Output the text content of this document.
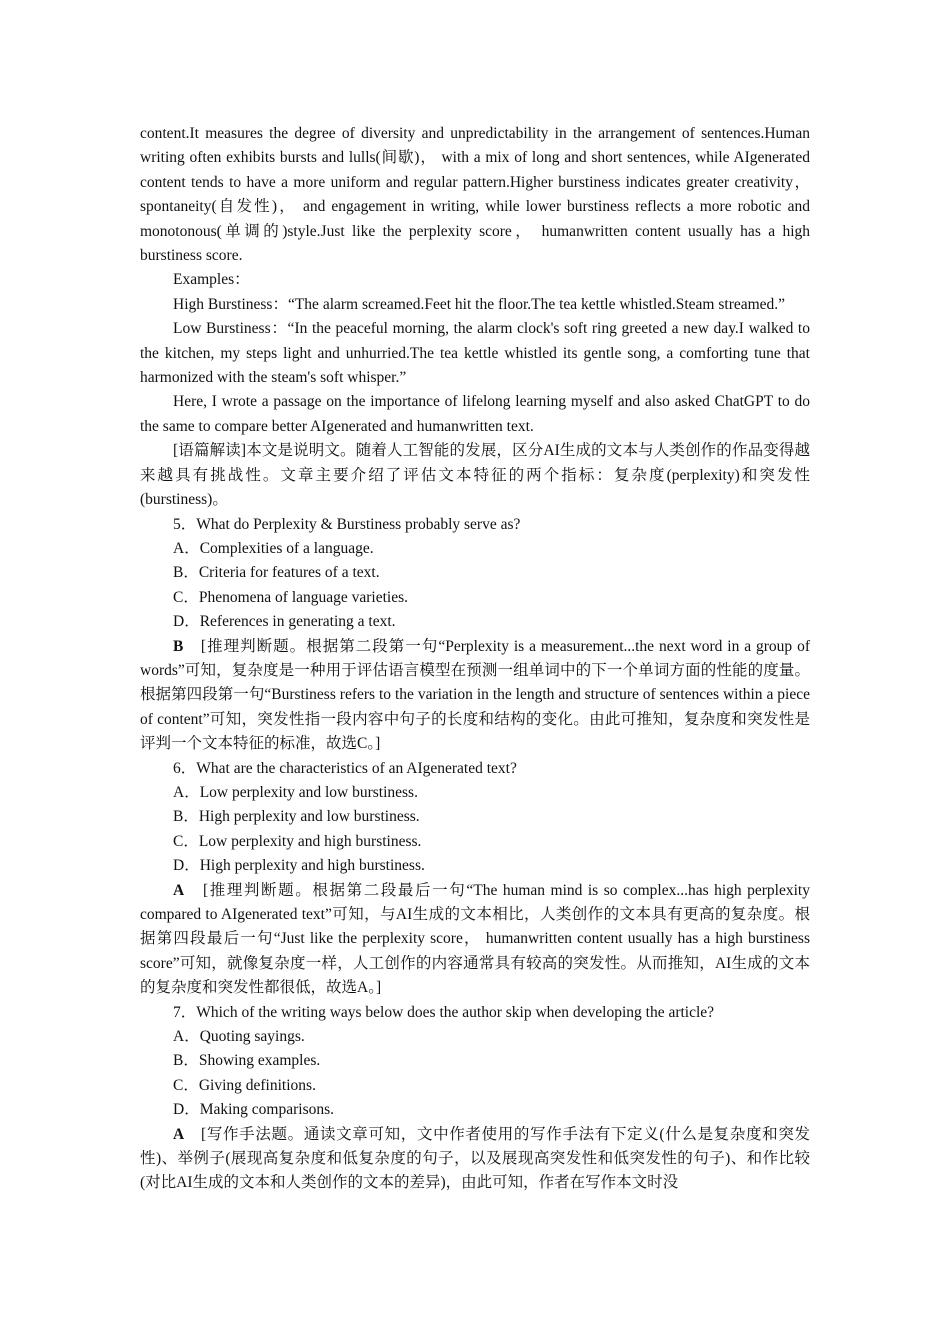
content.It measures the degree of diversity and unpredictability in the arrangement of sentences.Human writing often exhibits bursts and lulls(间歇)， with a mix of long and short sentences, while AIgenerated content tends to have a more uniform and regular pattern.Higher burstiness indicates greater creativity， spontaneity(自发性)， and engagement in writing, while lower burstiness reflects a more robotic and monotonous(单调的)style.Just like the perplexity score， humanwritten content usually has a high burstiness score.

Examples：

High Burstiness：“The alarm screamed.Feet hit the floor.The tea kettle whistled.Steam streamed.”

Low Burstiness：“In the peaceful morning, the alarm clock's soft ring greeted a new day.I walked to the kitchen, my steps light and unhurried.The tea kettle whistled its gentle song, a comforting tune that harmonized with the steam's soft whisper.”

Here, I wrote a passage on the importance of lifelong learning myself and also asked ChatGPT to do the same to compare better AIgenerated and humanwritten text.

[语篇解读]本文是说明文。随着人工智能的发展，区分AI生成的文本与人类创作的作品变得越来越具有挑战性。文章主要介绍了评估文本特征的两个指标：复杂度(perplexity)和突发性(burstiness)。

5．What do Perplexity & Burstiness probably serve as?

A．Complexities of a language.

B．Criteria for features of a text.

C．Phenomena of language varieties.

D．References in generating a text.

B　 [推理判断题。根据第二段第一句“Perplexity is a measurement...the next word in a group of words”可知，复杂度是一种用于评估语言模型在预测一组单词中的下一个单词方面的性能的度量。根据第四段第一句“Burstiness refers to the variation in the length and structure of sentences within a piece of content”可知，突发性指一段内容中句子的长度和结构的变化。由此可推知，复杂度和突发性是评判一个文本特征的标准，故选C。]

6．What are the characteristics of an AIgenerated text?

A．Low perplexity and low burstiness.

B．High perplexity and low burstiness.

C．Low perplexity and high burstiness.

D．High perplexity and high burstiness.

A　 [推理判断题。根据第二段最后一句“The human mind is so complex...has high perplexity compared to AIgenerated text”可知，与AI生成的文本相比，人类创作的文本具有更高的复杂度。根据第四段最后一句“Just like the perplexity score， humanwritten content usually has a high burstiness score”可知，就像复杂度一样，人工创作的内容通常具有较高的突发性。从而推知，AI生成的文本的复杂度和突发性都很低，故选A。]

7．Which of the writing ways below does the author skip when developing the article?

A．Quoting sayings.

B．Showing examples.

C．Giving definitions.

D．Making comparisons.

A　 [写作手法题。通读文章可知，文中作者使用的写作手法有下定义(什么是复杂度和突发性)、举例子(展现高复杂度和低复杂度的句子，以及展现高突发性和低突发性的句子)、和作比较(对比AI生成的文本和人类创作的文本的差异)，由此可知，作者在写作本文时没
